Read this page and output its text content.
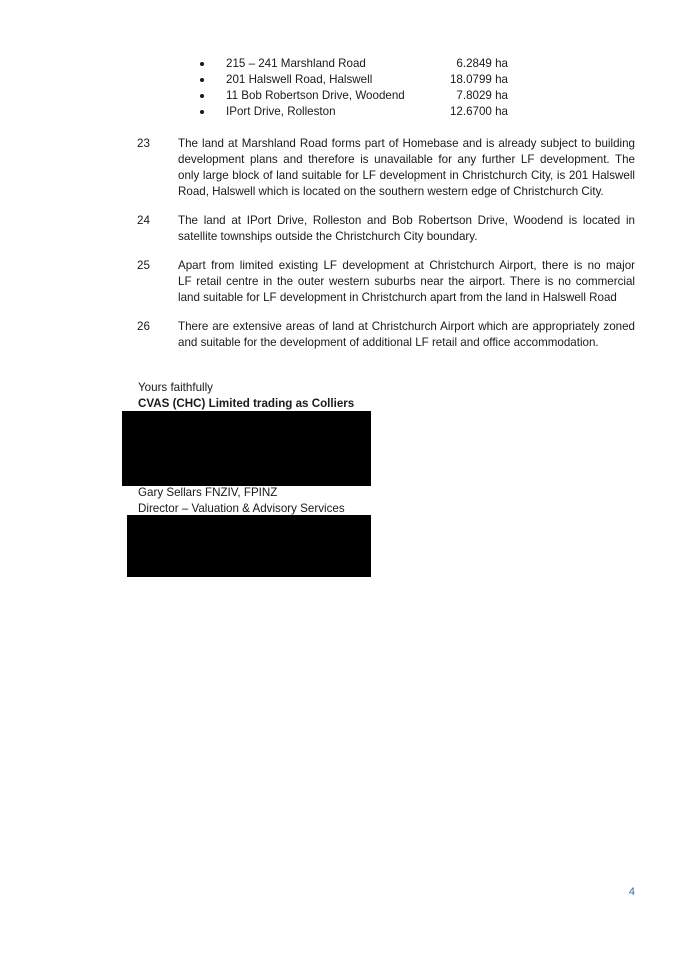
215 – 241 Marshland Road	6.2849 ha
201 Halswell Road, Halswell	18.0799 ha
11 Bob Robertson Drive, Woodend	7.8029 ha
IPort Drive, Rolleston	12.6700 ha
23	The land at Marshland Road forms part of Homebase and is already subject to building
development plans and therefore is unavailable for any further LF development. The
only large block of land suitable for LF development in Christchurch City, is 201 Halswell
Road, Halswell which is located on the southern western edge of Christchurch City.
24	The land at IPort Drive, Rolleston and Bob Robertson Drive, Woodend is located in
satellite townships outside the Christchurch City boundary.
25	Apart from limited existing LF development at Christchurch Airport, there is no major
LF retail centre in the outer western suburbs near the airport. There is no commercial
land suitable for LF development in Christchurch apart from the land in Halswell Road
26	There are extensive areas of land at Christchurch Airport which are appropriately zoned
and suitable for the development of additional LF retail and office accommodation.
Yours faithfully
CVAS (CHC) Limited trading as Colliers
Gary Sellars FNZIV, FPINZ
Director – Valuation & Advisory Services
4
